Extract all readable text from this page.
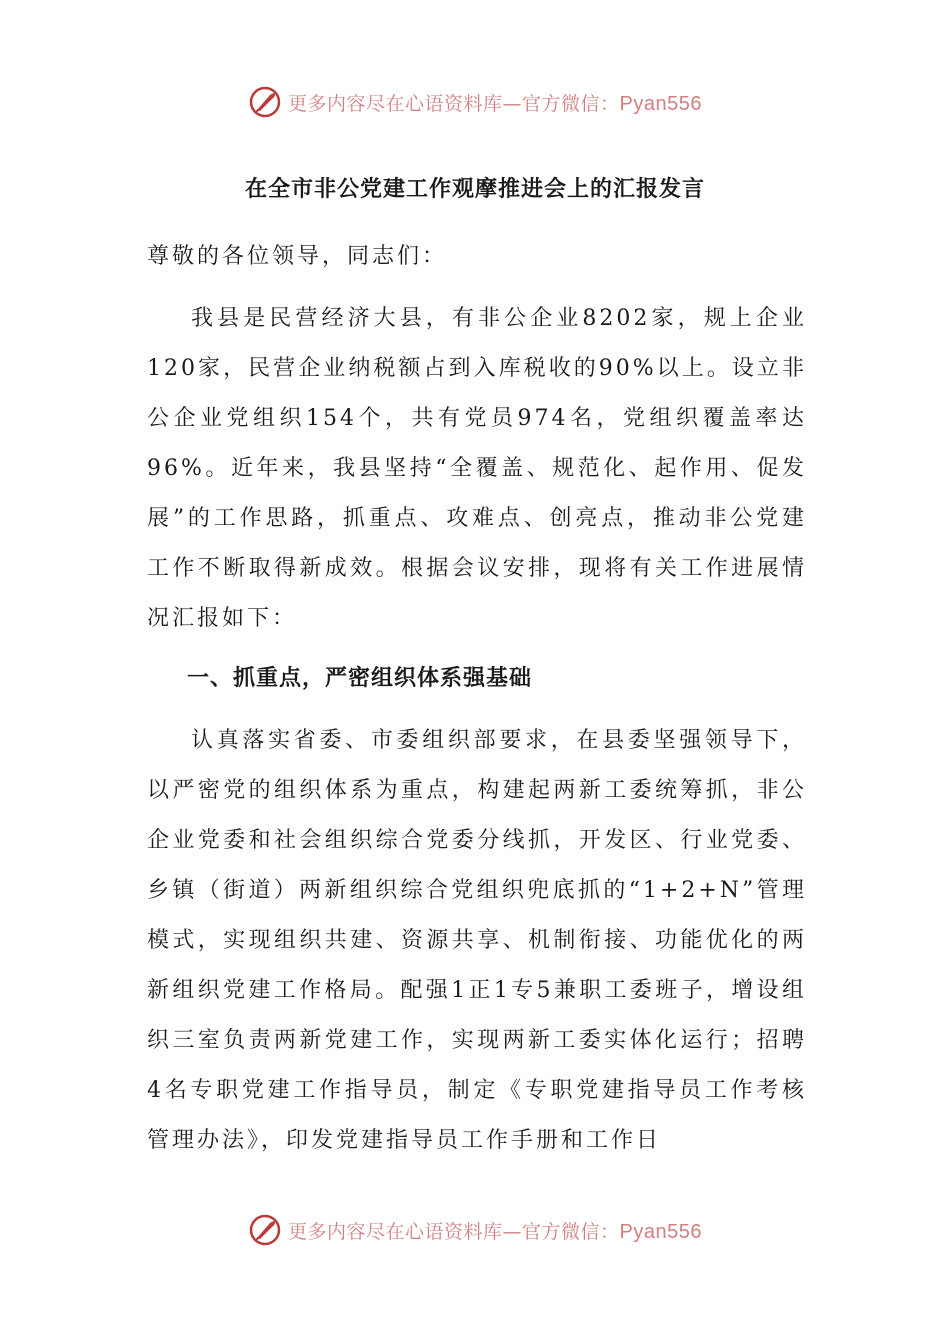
更多内容尽在心语资料库—官方微信：Pyan556
在全市非公党建工作观摩推进会上的汇报发言

尊敬的各位领导，同志们：

我县是民营经济大县，有非公企业8202家，规上企业120家，民营企业纳税额占到入库税收的90%以上。设立非公企业党组织154个，共有党员974名，党组织覆盖率达96%。近年来，我县坚持“全覆盖、规范化、起作用、促发展”的工作思路，抓重点、攻难点、创亮点，推动非公党建工作不断取得新成效。根据会议安排，现将有关工作进展情况汇报如下：

一、抓重点，严密组织体系强基础

认真落实省委、市委组织部要求，在县委坚强领导下，以严密党的组织体系为重点，构建起两新工委统筹抓，非公企业党委和社会组织综合党委分线抓，开发区、行业党委、乡镇（街道）两新组织综合党组织兜底抓的“1+2+N”管理模式，实现组织共建、资源共享、机制衔接、功能优化的两新组织党建工作格局。配强1正1专5兼职工委班子，增设组织三室负责两新党建工作，实现两新工委实体化运行；招聘4名专职党建工作指导员，制定《专职党建指导员工作考核管理办法》，印发党建指导员工作手册和工作日

更多内容尽在心语资料库—官方微信：Pyan556
